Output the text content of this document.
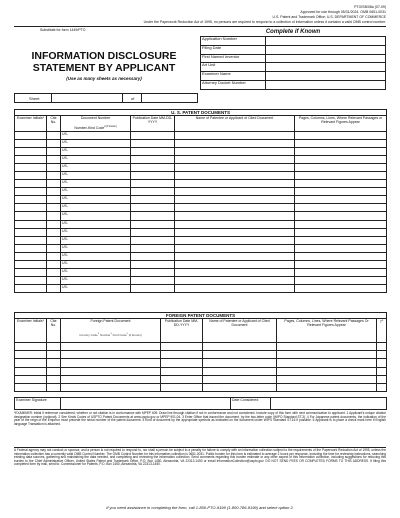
PTO/SB/08a (07-09)
Approved for use through 05/31/2024. OMB 0651-0031
U.S. Patent and Trademark Office; U.S. DEPARTMENT OF COMMERCE
Under the Paperwork Reduction Act of 1995, no persons are required to respond to a collection of information unless it contains a valid OMB control number.
Substitute for form 1449/PTO
INFORMATION DISCLOSURE
STATEMENT BY APPLICANT
(Use as many sheets as necessary)
Sheet	of
Complete if Known
Application Number	
Filing Date	
First Named Inventor	
Art Unit	
Examiner Name	
Attorney Docket Number	
U. S. PATENT DOCUMENTS					
Examiner Initials*	Cite No.	Document Number
Number-Kind Code$^{2 (if known)}$	Publication Date MM-DD-YYYY	Name of Patentee or Applicant of Cited Document	Pages, Columns, Lines, Where Relevant Passages or Relevant Figures Appear
		US-			
		US-			
		US-			
		US-			
		US-			
		US-			
		US-			
		US-			
		US-			
		US-			
		US-			
		US-			
		US-			
		US-			
		US-			
		US-			
		US-			
		US-			
		US-			
		US-			
FOREIGN PATENT DOCUMENTS						
Examiner Initials*	Cite No.	Foreign Patent Document
Country Code$^3$ Number$^4$ Kind Code$^5$ (if known)	Publication Date MM-DD-YYYY	Name of Patentee or Applicant of Cited Document	Pages, Columns, Lines, Where Relevant Passages Or Relevant Figures Appear	$T^6$

Examiner Signature		Date Considered	
*EXAMINER: Initial if reference considered, whether or not citation is in conformance with MPEP 609. Draw line through citation if not in conformance and not considered. Include copy of this form with next communication to applicant. 1 Applicant's unique citation designation number (optional). 2 See Kinds Codes of USPTO Patent Documents at www.uspto.gov or MPEP 901.04. 3 Enter Office that issued the document, by the two-letter code (WIPO Standard ST.3). 4 For Japanese patent documents, the indication of the year of the reign of the Emperor must precede the serial number of the patent document. 5 Kind of document by the appropriate symbols as indicated on the document under WIPO Standard ST.16 if possible. 6 Applicant is to place a check mark here if English language Translation is attached.
A Federal agency may not conduct or sponsor, and a person is not required to respond to, nor shall a person be subject to a penalty for failure to comply with an information collection subject to the requirements of the Paperwork Reduction Act of 1995, unless the information collection has a currently valid OMB Control Number. The OMB Control Number for this information collection is 0651-0031. Public burden for this form is estimated to average 2 hours per response, including the time for reviewing instructions, searching existing data sources, gathering and maintaining the data needed, and completing and reviewing the information collection. Send comments regarding this burden estimate or any other aspect of this information collection, including suggestions for reducing this burden to the Chief Administrative Officer, United States Patent and Trademark Office, P.O. Box 1450, Alexandria, VA 22313-1450 or email InformationCollection@uspto.gov. DO NOT SEND FEES OR COMPLETED FORMS TO THIS ADDRESS. If filing this completed form by mail, send to: Commissioner for Patents, P.O. Box 1450, Alexandria, VA 22313-1450.
If you need assistance in completing the form, call 1-800-PTO-9199 (1-800-786-9199) and select option 2.
